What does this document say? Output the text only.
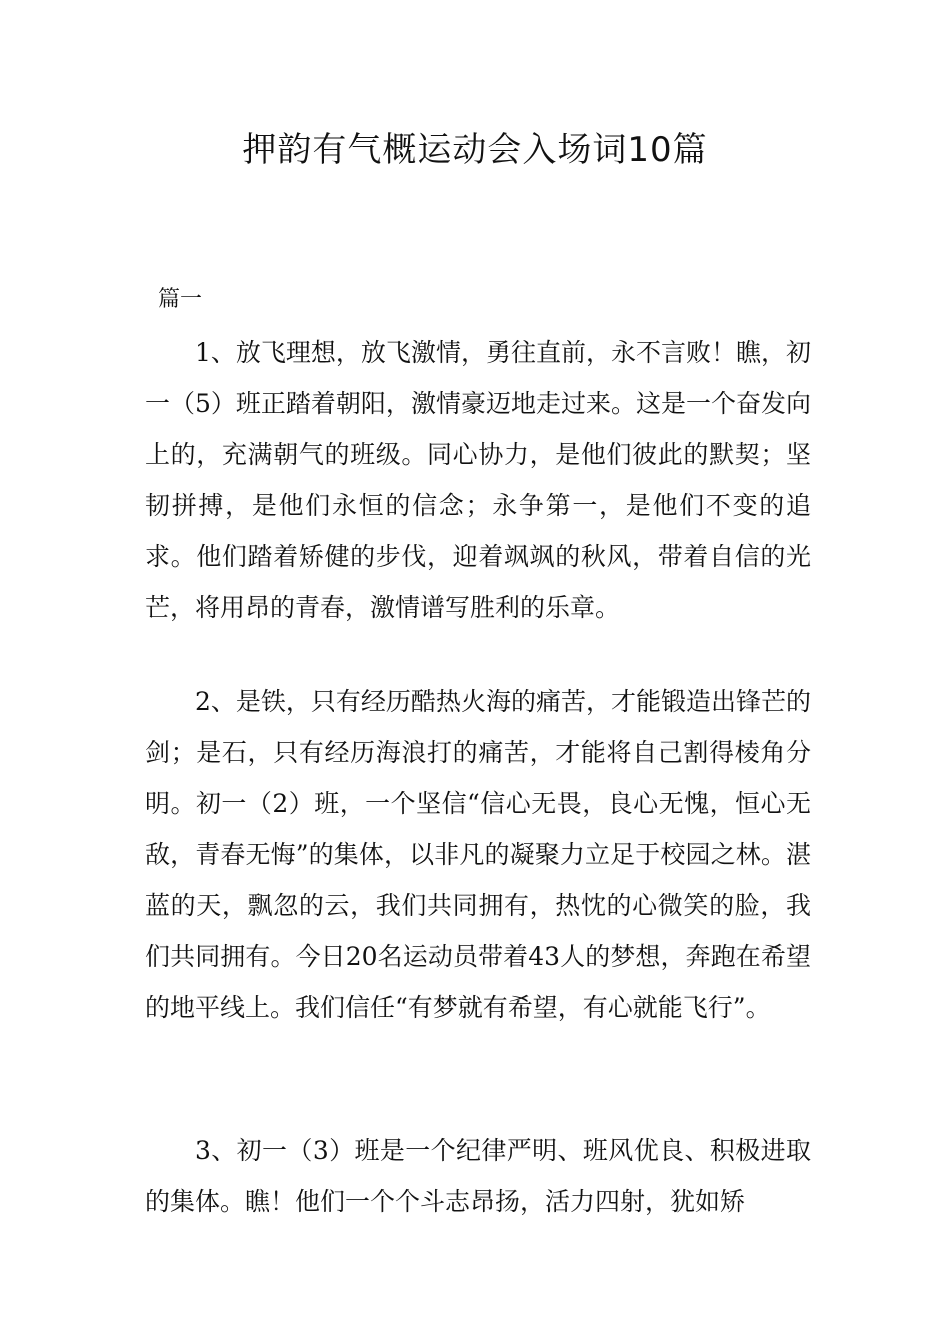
押韵有气概运动会入场词10篇
篇一

1、放飞理想，放飞激情，勇往直前，永不言败！瞧，初一（5）班正踏着朝阳，激情豪迈地走过来。这是一个奋发向上的，充满朝气的班级。同心协力，是他们彼此的默契；坚韧拼搏，是他们永恒的信念；永争第一，是他们不变的追求。他们踏着矫健的步伐，迎着飒飒的秋风，带着自信的光芒，将用昂的青春，激情谱写胜利的乐章。

2、是铁，只有经历酷热火海的痛苦，才能锻造出锋芒的剑；是石，只有经历海浪打的痛苦，才能将自己割得棱角分明。初一（2）班，一个坚信“信心无畏，良心无愧，恒心无敌，青春无悔”的集体，以非凡的凝聚力立足于校园之林。湛蓝的天，飘忽的云，我们共同拥有，热忱的心微笑的脸，我们共同拥有。今日20名运动员带着43人的梦想，奔跑在希望的地平线上。我们信任“有梦就有希望，有心就能飞行”。

3、初一（3）班是一个纪律严明、班风优良、积极进取的集体。瞧！他们一个个斗志昂扬，活力四射，犹如矫
